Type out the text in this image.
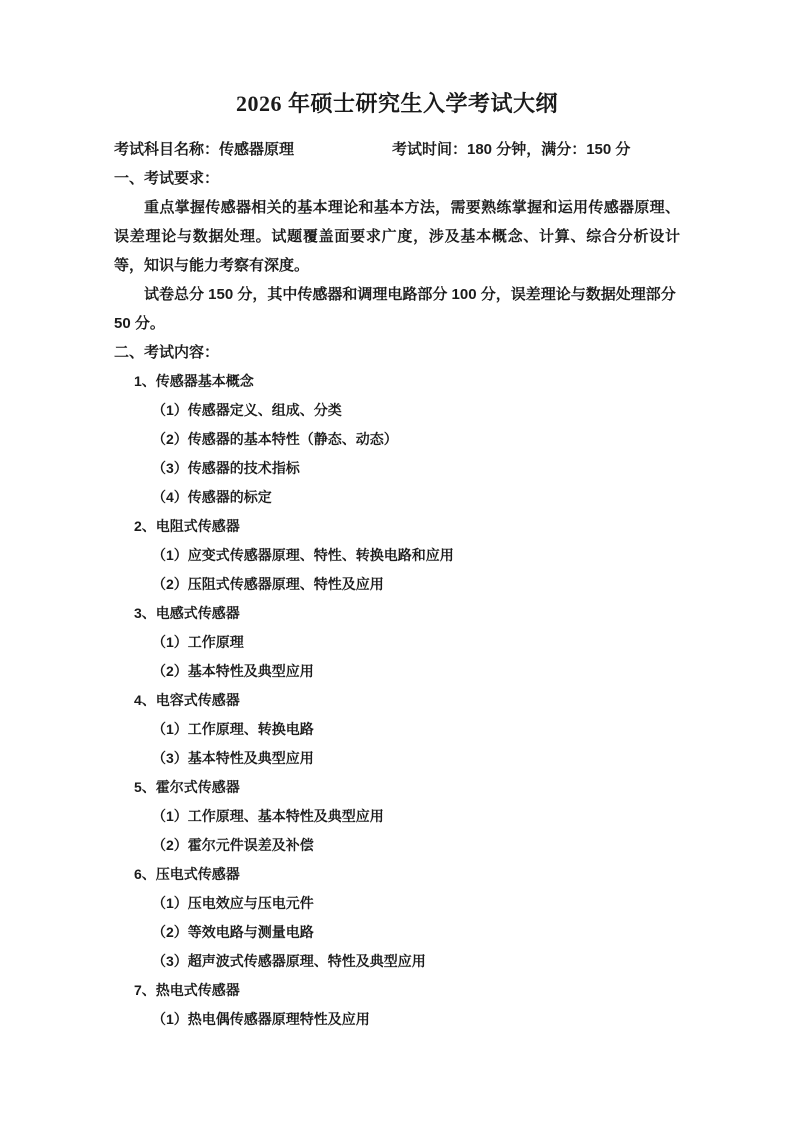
2026 年硕士研究生入学考试大纲
考试科目名称：传感器原理	考试时间：180 分钟，满分：150 分
一、考试要求：

重点掌握传感器相关的基本理论和基本方法，需要熟练掌握和运用传感器原理、误差理论与数据处理。试题覆盖面要求广度，涉及基本概念、计算、综合分析设计等，知识与能力考察有深度。

试卷总分 150 分，其中传感器和调理电路部分 100 分，误差理论与数据处理部分 50 分。

二、考试内容：
1、传感器基本概念
（1）传感器定义、组成、分类
（2）传感器的基本特性（静态、动态）
（3）传感器的技术指标
（4）传感器的标定
2、电阻式传感器
（1）应变式传感器原理、特性、转换电路和应用
（2）压阻式传感器原理、特性及应用
3、电感式传感器
（1）工作原理
（2）基本特性及典型应用
4、电容式传感器
（1）工作原理、转换电路
（3）基本特性及典型应用
5、霍尔式传感器
（1）工作原理、基本特性及典型应用
（2）霍尔元件误差及补偿
6、压电式传感器
（1）压电效应与压电元件
（2）等效电路与测量电路
（3）超声波式传感器原理、特性及典型应用
7、热电式传感器
（1）热电偶传感器原理特性及应用
